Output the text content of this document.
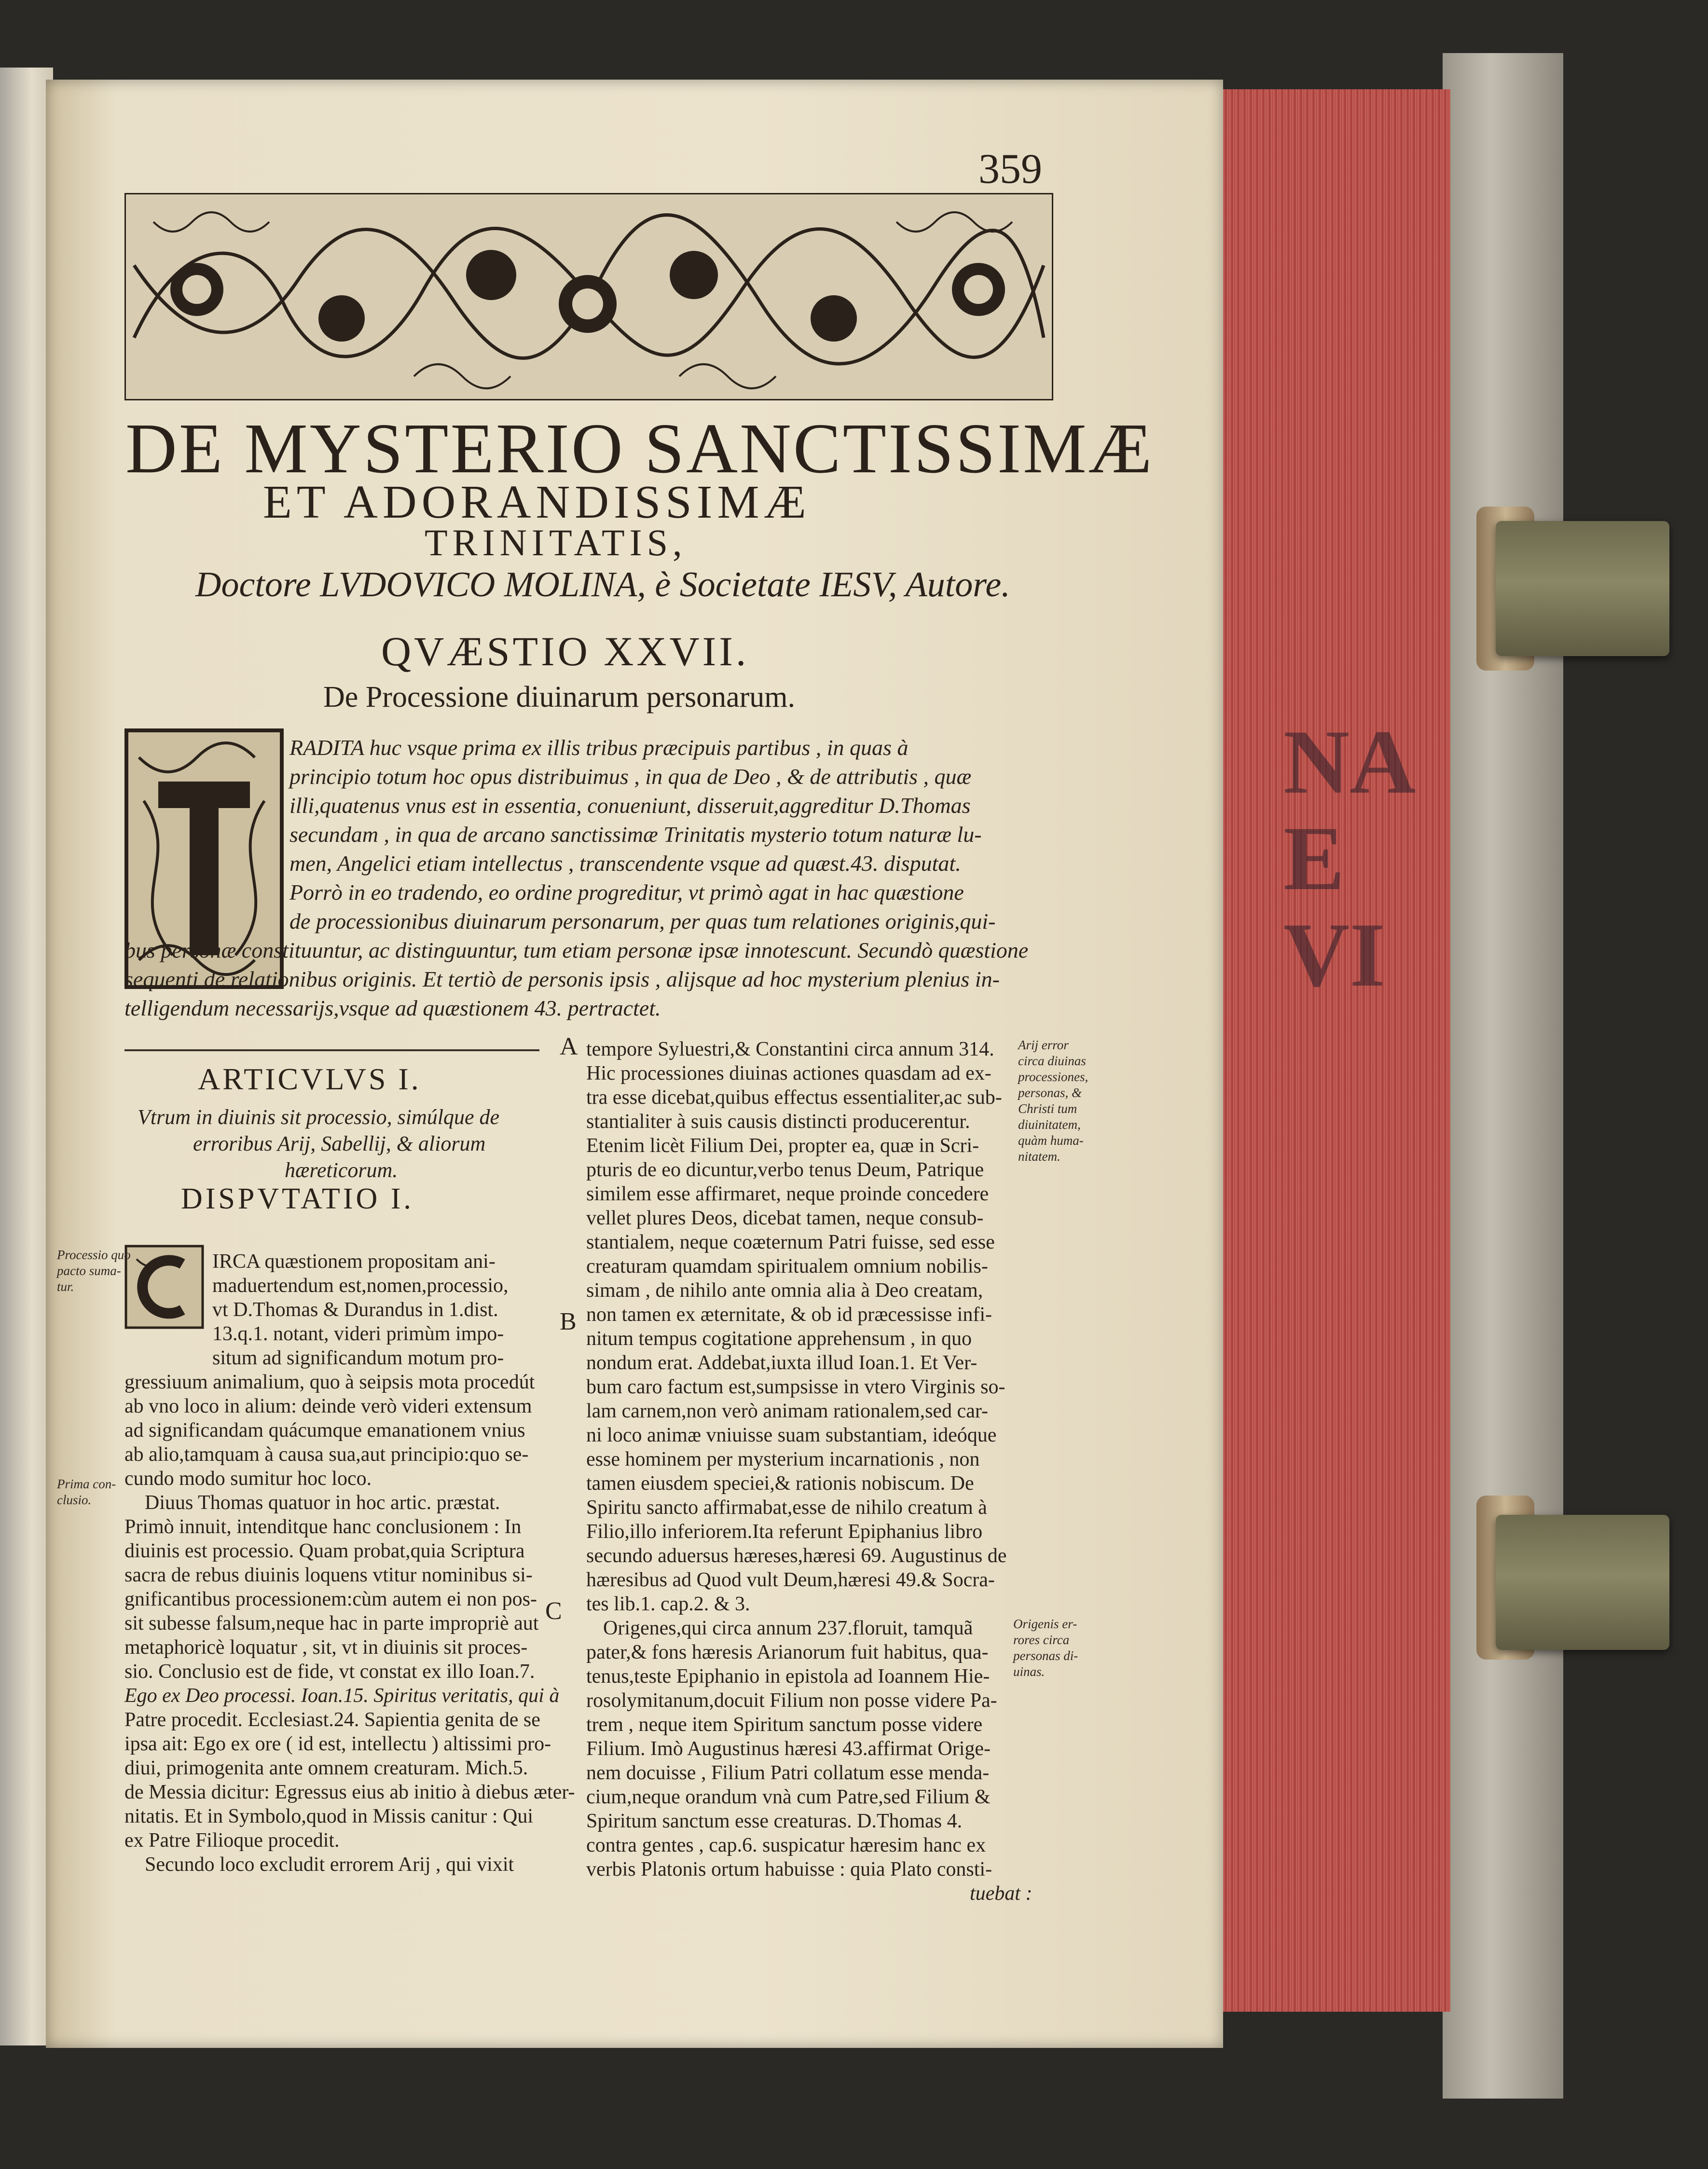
NA
E
VI
359
DE MYSTERIO SANCTISSIMÆ
ET ADORANDISSIMÆ
TRINITATIS,
Doctore LVDOVICO MOLINA, è Societate IESV, Autore.
QVÆSTIO XXVII.
De Processione diuinarum personarum.
RADITA huc vsque prima ex illis tribus præcipuis partibus , in quas à
principio totum hoc opus distribuimus , in qua de Deo , & de attributis , quæ
illi,quatenus vnus est in essentia, conueniunt, disseruit,aggreditur D.Thomas
secundam , in qua de arcano sanctissimæ Trinitatis mysterio totum naturæ lu-
men, Angelici etiam intellectus , transcendente vsque ad quæst.43. disputat.
Porrò in eo tradendo, eo ordine progreditur, vt primò agat in hac quæstione
de processionibus diuinarum personarum, per quas tum relationes originis,qui-
bus personæ constituuntur, ac distinguuntur, tum etiam personæ ipsæ innotescunt. Secundò quæstione
sequenti de relationibus originis. Et tertiò de personis ipsis , alijsque ad hoc mysterium plenius in-
telligendum necessarijs,vsque ad quæstionem 43. pertractet.
ARTICVLVS I.
Vtrum in diuinis sit processio, simúlque de
erroribus Arij, Sabellij, & aliorum
hæreticorum.
DISPVTATIO I.
IRCA quæstionem propositam ani-
maduertendum est,nomen,processio,
vt D.Thomas & Durandus in 1.dist.
13.q.1. notant, videri primùm impo-
situm ad significandum motum pro-
gressiuum animalium, quo à seipsis mota procedút
ab vno loco in alium: deinde verò videri extensum
ad significandam quácumque emanationem vnius
ab alio,tamquam à causa sua,aut principio:quo se-
cundo modo sumitur hoc loco.
Diuus Thomas quatuor in hoc artic. præstat.
Primò innuit, intenditque hanc conclusionem : In
diuinis est processio. Quam probat,quia Scriptura
sacra de rebus diuinis loquens vtitur nominibus si-
gnificantibus processionem:cùm autem ei non pos-
sit subesse falsum,neque hac in parte impropriè aut
metaphoricè loquatur , sit, vt in diuinis sit proces-
sio. Conclusio est de fide, vt constat ex illo Ioan.7.
Ego ex Deo processi. Ioan.15. Spiritus veritatis, qui à
Patre procedit. Ecclesiast.24. Sapientia genita de se
ipsa ait: Ego ex ore ( id est, intellectu ) altissimi pro-
diui, primogenita ante omnem creaturam. Mich.5.
de Messia dicitur: Egressus eius ab initio à diebus æter-
nitatis. Et in Symbolo,quod in Missis canitur : Qui
ex Patre Filioque procedit.
Secundo loco excludit errorem Arij , qui vixit
A
B
C
tempore Syluestri,& Constantini circa annum 314.
Hic processiones diuinas actiones quasdam ad ex-
tra esse dicebat,quibus effectus essentialiter,ac sub-
stantialiter à suis causis distincti producerentur.
Etenim licèt Filium Dei, propter ea, quæ in Scri-
pturis de eo dicuntur,verbo tenus Deum, Patrique
similem esse affirmaret, neque proinde concedere
vellet plures Deos, dicebat tamen, neque consub-
stantialem, neque coæternum Patri fuisse, sed esse
creaturam quamdam spiritualem omnium nobilis-
simam , de nihilo ante omnia alia à Deo creatam,
non tamen ex æternitate, & ob id præcessisse infi-
nitum tempus cogitatione apprehensum , in quo
nondum erat. Addebat,iuxta illud Ioan.1. Et Ver-
bum caro factum est,sumpsisse in vtero Virginis so-
lam carnem,non verò animam rationalem,sed car-
ni loco animæ vniuisse suam substantiam, ideóque
esse hominem per mysterium incarnationis , non
tamen eiusdem speciei,& rationis nobiscum. De
Spiritu sancto affirmabat,esse de nihilo creatum à
Filio,illo inferiorem.Ita referunt Epiphanius libro
secundo aduersus hæreses,hæresi 69. Augustinus de
hæresibus ad Quod vult Deum,hæresi 49.& Socra-
tes lib.1. cap.2. & 3.
Origenes,qui circa annum 237.floruit, tamquã
pater,& fons hæresis Arianorum fuit habitus, qua-
tenus,teste Epiphanio in epistola ad Ioannem Hie-
rosolymitanum,docuit Filium non posse videre Pa-
trem , neque item Spiritum sanctum posse videre
Filium. Imò Augustinus hæresi 43.affirmat Orige-
nem docuisse , Filium Patri collatum esse menda-
cium,neque orandum vnà cum Patre,sed Filium &
Spiritum sanctum esse creaturas. D.Thomas 4.
contra gentes , cap.6. suspicatur hæresim hanc ex
verbis Platonis ortum habuisse : quia Plato consti-
tuebat :
Processio quo
pacto suma-
tur.
Prima con-
clusio.
Arij error
circa diuinas
processiones,
personas, &
Christi tum
diuinitatem,
quàm huma-
nitatem.
Origenis er-
rores circa
personas di-
uinas.
